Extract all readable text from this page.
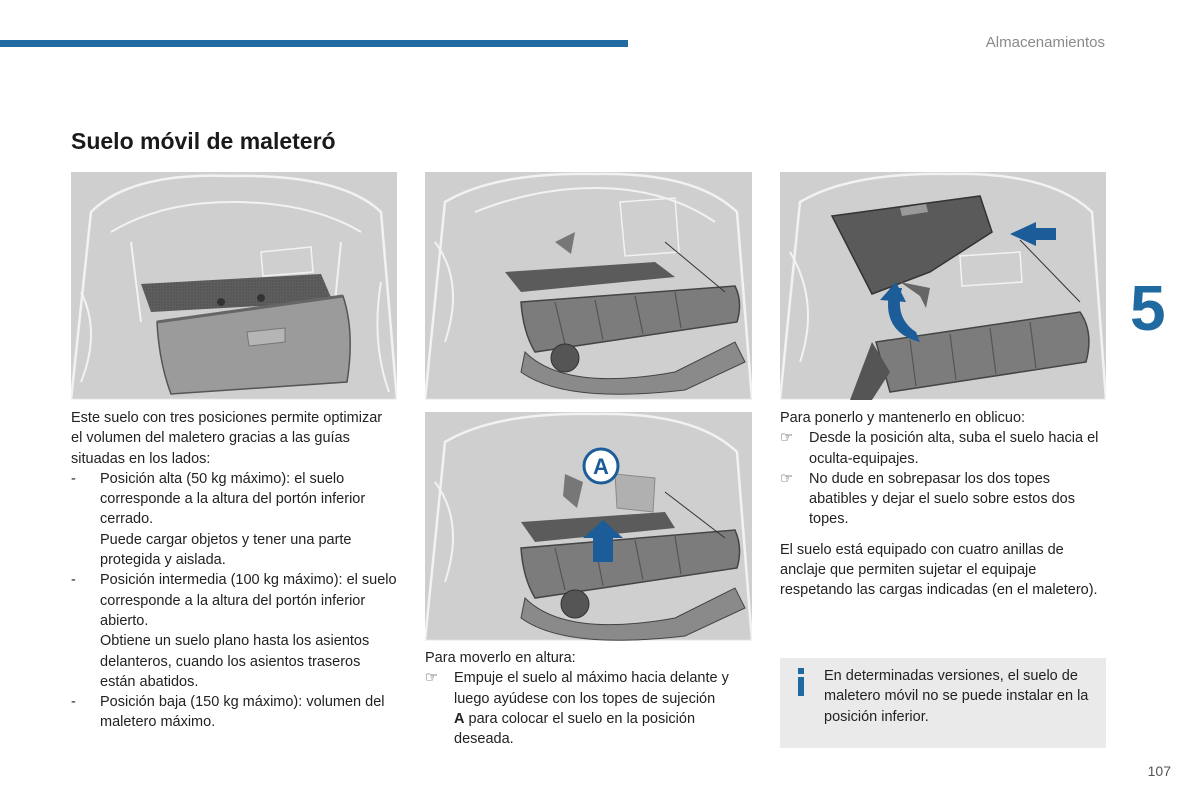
Almacenamientos
Suelo móvil de maleteró
5
107
A

Este suelo con tres posiciones permite optimizar el volumen del maletero gracias a las guías situadas en los lados:

- Posición alta (50 kg máximo): el suelo corresponde a la altura del portón inferior cerrado.

Puede cargar objetos y tener una parte protegida y aislada.

- Posición intermedia (100 kg máximo): el suelo corresponde a la altura del portón inferior abierto.

Obtiene un suelo plano hasta los asientos delanteros, cuando los asientos traseros están abatidos.

- Posición baja (150 kg máximo): volumen del maletero máximo.

Para moverlo en altura:

☞ Empuje el suelo al máximo hacia delante y luego ayúdese con los topes de sujeción
A para colocar el suelo en la posición deseada.

Para ponerlo y mantenerlo en oblicuo:

☞ Desde la posición alta, suba el suelo hacia el oculta-equipajes.

☞ No dude en sobrepasar los dos topes abatibles y dejar el suelo sobre estos dos topes.

El suelo está equipado con cuatro anillas de anclaje que permiten sujetar el equipaje respetando las cargas indicadas (en el maletero).

En determinadas versiones, el suelo de maletero móvil no se puede instalar en la posición inferior.
